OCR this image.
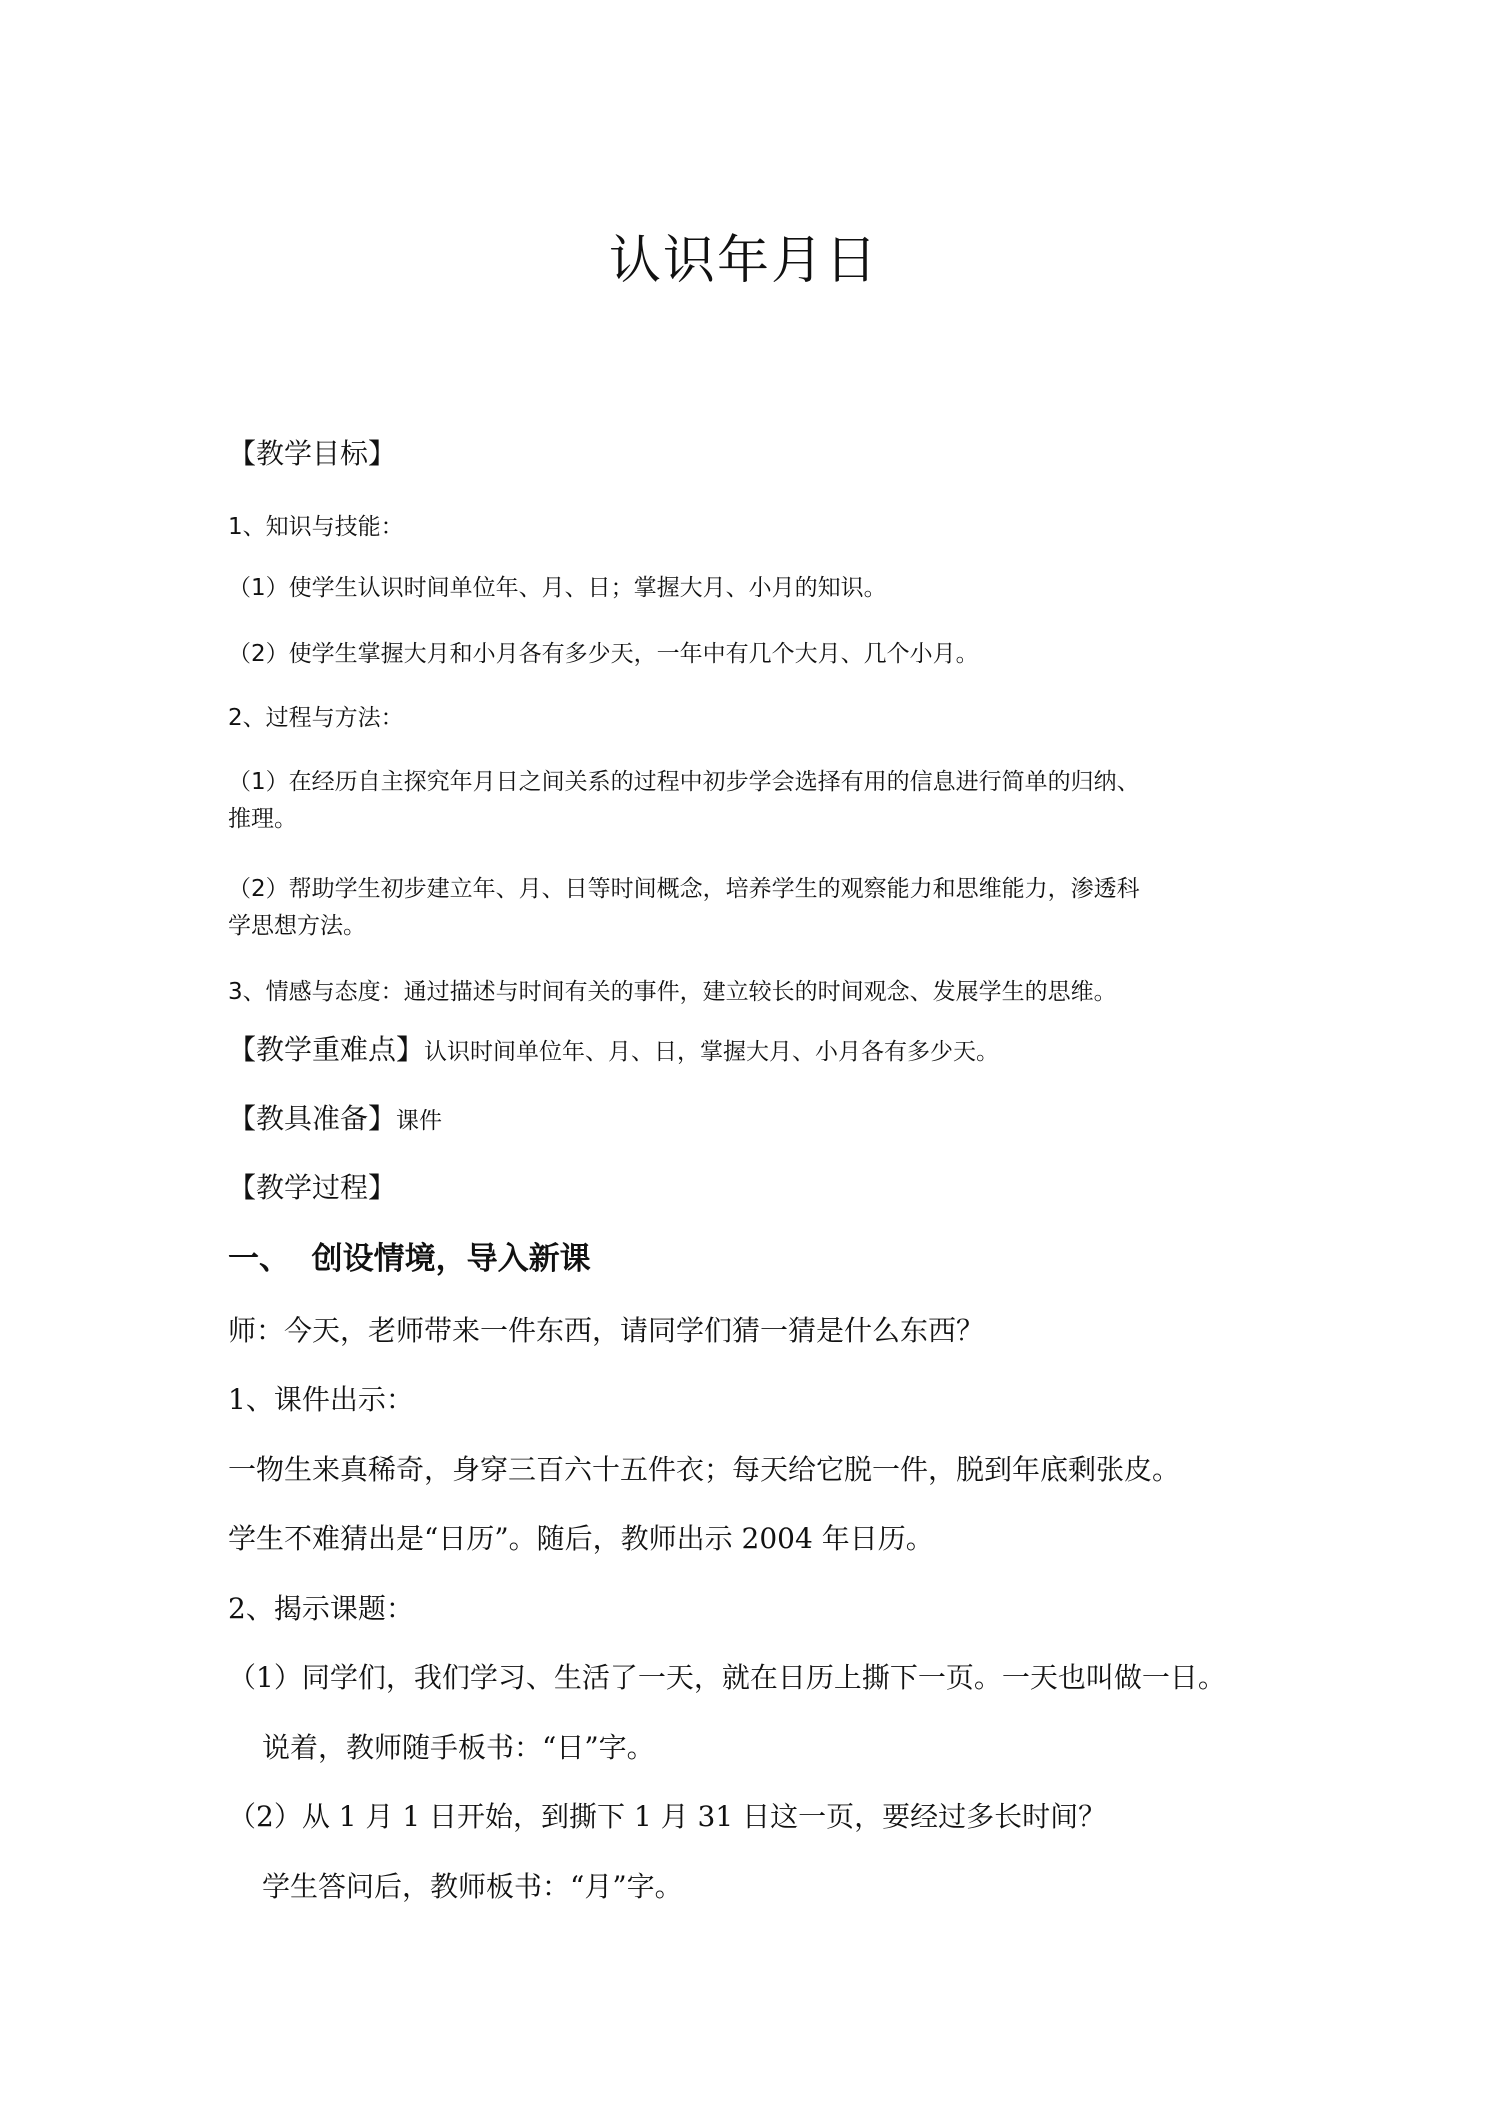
认识年月日
【教学目标】
1、知识与技能：
（1）使学生认识时间单位年、月、日；掌握大月、小月的知识。
（2）使学生掌握大月和小月各有多少天，一年中有几个大月、几个小月。
2、过程与方法：
（1）在经历自主探究年月日之间关系的过程中初步学会选择有用的信息进行简单的归纳、
推理。
（2）帮助学生初步建立年、月、日等时间概念，培养学生的观察能力和思维能力，渗透科
学思想方法。
3、情感与态度：通过描述与时间有关的事件，建立较长的时间观念、发展学生的思维。
【教学重难点】认识时间单位年、月、日，掌握大月、小月各有多少天。
【教具准备】课件
【教学过程】
一、  创设情境，导入新课
师：今天，老师带来一件东西，请同学们猜一猜是什么东西？
1、课件出示：
一物生来真稀奇，身穿三百六十五件衣；每天给它脱一件，脱到年底剩张皮。
学生不难猜出是“日历”。随后，教师出示 2004 年日历。
2、揭示课题：
（1）同学们，我们学习、生活了一天，就在日历上撕下一页。一天也叫做一日。
说着，教师随手板书：“日”字。
（2）从 1 月 1 日开始，到撕下 1 月 31 日这一页，要经过多长时间？
学生答问后，教师板书：“月”字。
